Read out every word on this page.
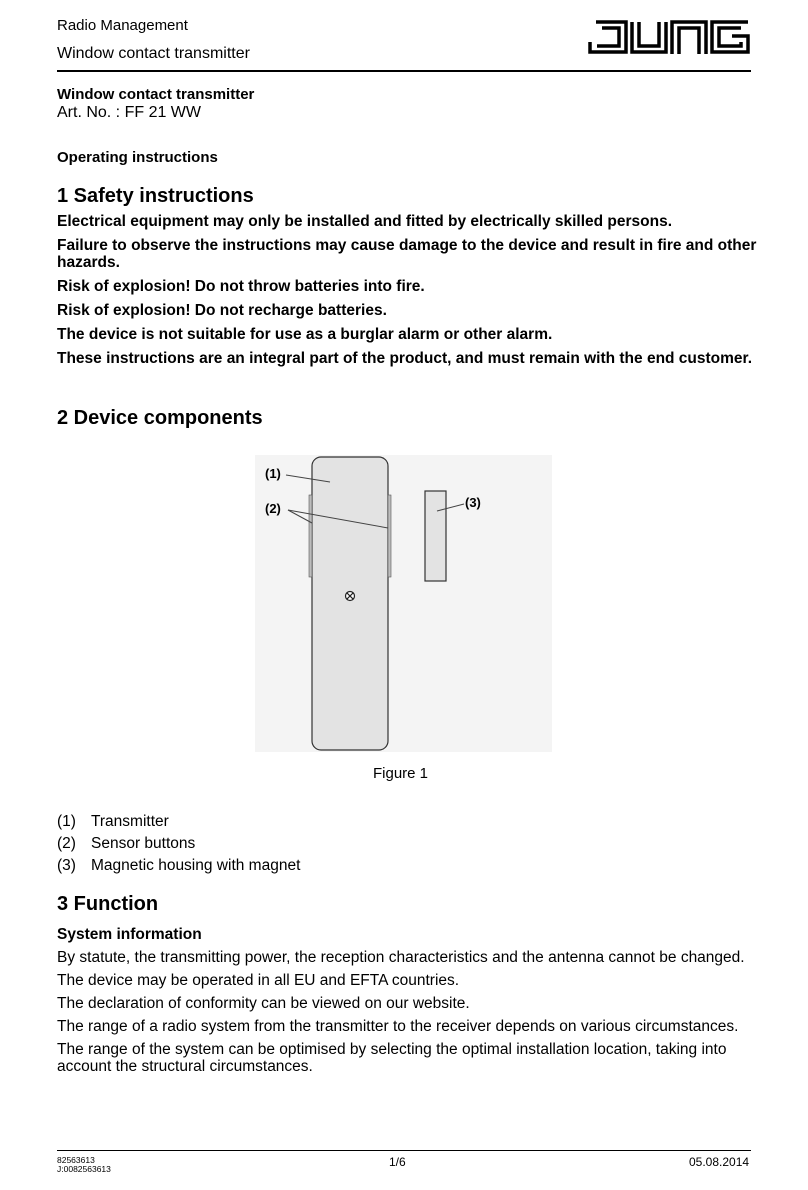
Radio Management
Window contact transmitter
Window contact transmitter
Art. No. : FF 21 WW
Operating instructions
1 Safety instructions

Electrical equipment may only be installed and fitted by electrically skilled persons.

Failure to observe the instructions may cause damage to the device and result in fire and other hazards.

Risk of explosion! Do not throw batteries into fire.

Risk of explosion! Do not recharge batteries.

The device is not suitable for use as a burglar alarm or other alarm.

These instructions are an integral part of the product, and must remain with the end customer.

2 Device components
(1)
(2)	(3)
Figure 1
(1) Transmitter
(2) Sensor buttons
(3) Magnetic housing with magnet
3 Function
System information

By statute, the transmitting power, the reception characteristics and the antenna cannot be changed.

The device may be operated in all EU and EFTA countries.

The declaration of conformity can be viewed on our website.

The range of a radio system from the transmitter to the receiver depends on various circumstances.

The range of the system can be optimised by selecting the optimal installation location, taking into account the structural circumstances.

82563613
J:0082563613	1/6	05.08.2014
